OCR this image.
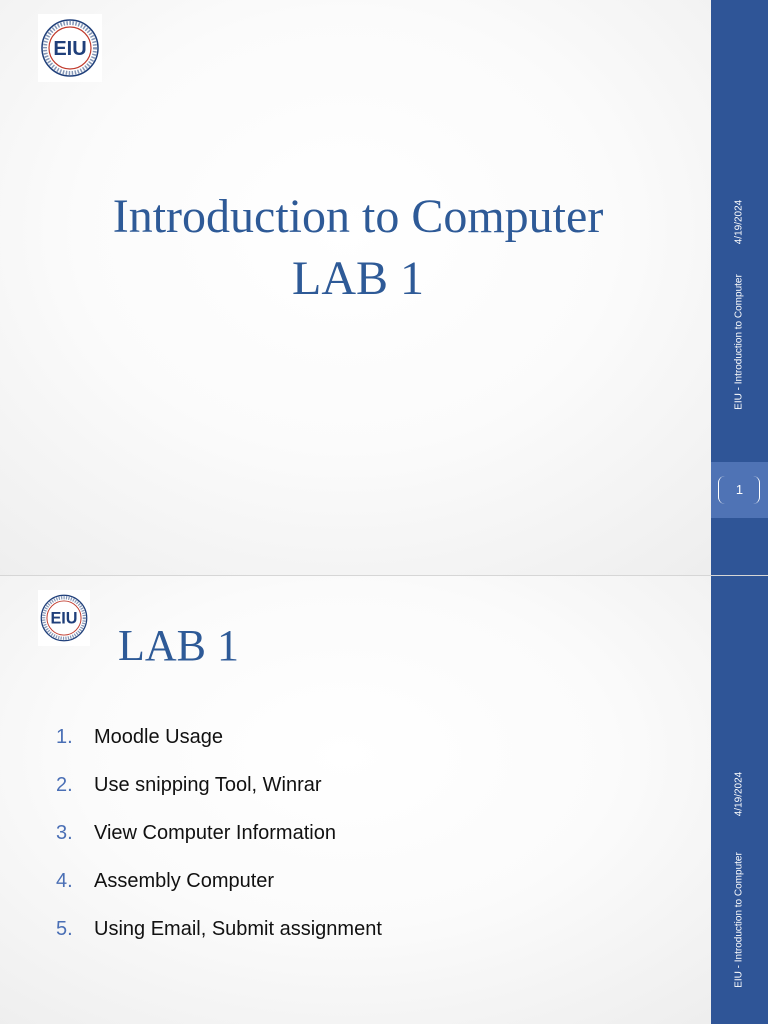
EIU
Introduction to Computer
LAB 1
4/19/2024
EIU - Introduction to Computer
1
4/19/2024
EIU - Introduction to Computer
EIU
LAB 1
1. Moodle Usage
2. Use snipping Tool, Winrar
3. View Computer Information
4. Assembly Computer
5. Using Email, Submit assignment
